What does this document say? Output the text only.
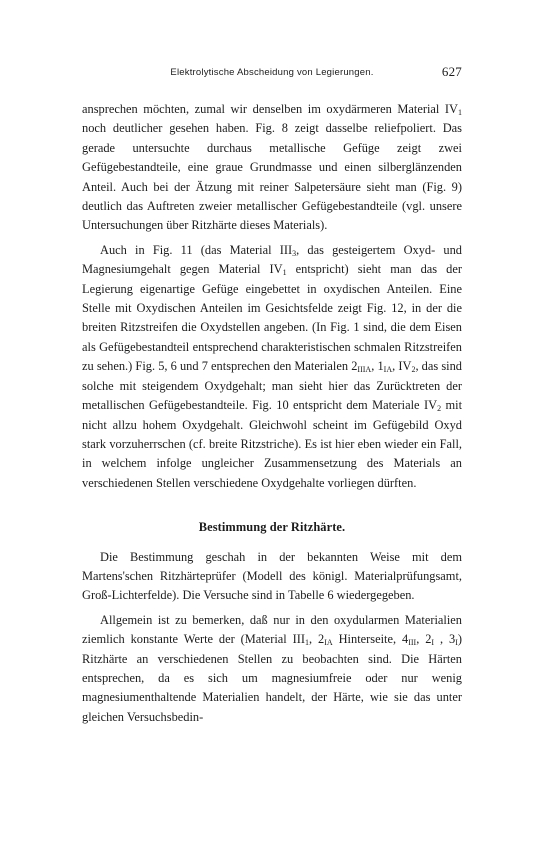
Elektrolytische Abscheidung von Legierungen.	627

ansprechen möchten, zumal wir denselben im oxydärmeren Material $IV_1$ noch deutlicher gesehen haben. Fig. 8 zeigt dasselbe reliefpoliert. Das gerade untersuchte durchaus metallische Gefüge zeigt zwei Gefügebestandteile, eine graue Grundmasse und einen silberglänzenden Anteil. Auch bei der Ätzung mit reiner Salpetersäure sieht man (Fig. 9) deutlich das Auftreten zweier metallischer Gefügebestandteile (vgl. unsere Untersuchungen über Ritzhärte dieses Materials).

Auch in Fig. 11 (das Material $III_3$, das gesteigertem Oxyd- und Magnesiumgehalt gegen Material $IV_1$ entspricht) sieht man das der Legierung eigenartige Gefüge eingebettet in oxydischen Anteilen. Eine Stelle mit Oxydischen Anteilen im Gesichtsfelde zeigt Fig. 12, in der die breiten Ritzstreifen die Oxydstellen angeben. (In Fig. 1 sind, die dem Eisen als Gefügebestandteil entsprechend charakteristischen schmalen Ritzstreifen zu sehen.) Fig. 5, 6 und 7 entsprechen den Materialen $2_{IIIA}$, $1_{IA}$, $IV_2$, das sind solche mit steigendem Oxydgehalt; man sieht hier das Zurücktreten der metallischen Gefügebestandteile. Fig. 10 entspricht dem Materiale $IV_2$ mit nicht allzu hohem Oxydgehalt. Gleichwohl scheint im Gefügebild Oxyd stark vorzuherrschen (cf. breite Ritzstriche). Es ist hier eben wieder ein Fall, in welchem infolge ungleicher Zusammensetzung des Materials an verschiedenen Stellen verschiedene Oxydgehalte vorliegen dürften.

Bestimmung der Ritzhärte.

Die Bestimmung geschah in der bekannten Weise mit dem Martens'schen Ritzhärteprüfer (Modell des königl. Materialprüfungsamt, Groß-Lichterfelde). Die Versuche sind in Tabelle 6 wiedergegeben.

Allgemein ist zu bemerken, daß nur in den oxydularmen Materialien ziemlich konstante Werte der (Material $III_1$, $2_{IA}$ Hinterseite, $4_{III}$, $2_I$ , $3_I$) Ritzhärte an verschiedenen Stellen zu beobachten sind. Die Härten entsprechen, da es sich um magnesiumfreie oder nur wenig magnesiumenthaltende Materialien handelt, der Härte, wie sie das unter gleichen Versuchsbedin-
